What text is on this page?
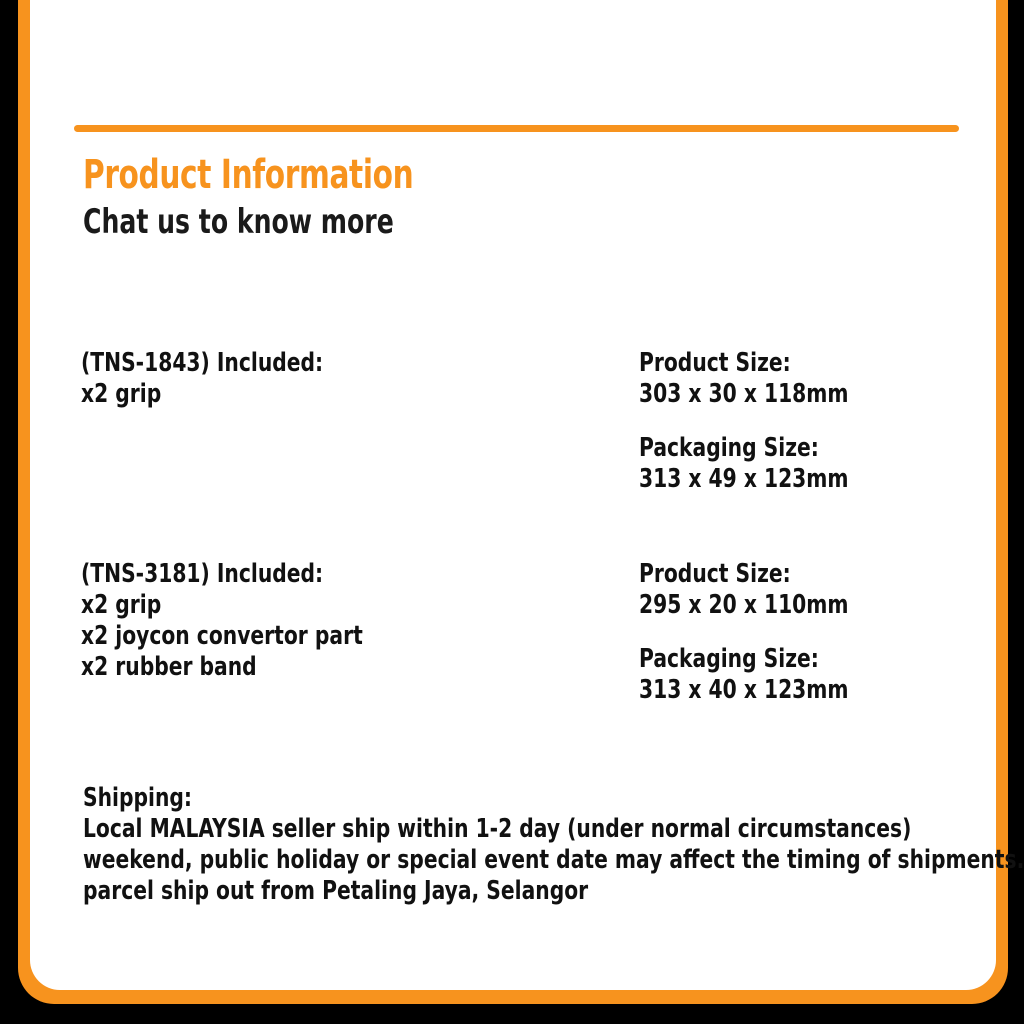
Product Information
Chat us to know more
(TNS-1843) Included:
x2 grip
Product Size:
303 x 30 x 118mm
Packaging Size:
313 x 49 x 123mm
(TNS-3181) Included:
x2 grip
x2 joycon convertor part
x2 rubber band
Product Size:
295 x 20 x 110mm
Packaging Size:
313 x 40 x 123mm
Shipping:
Local MALAYSIA seller ship within 1-2 day (under normal circumstances)
weekend, public holiday or special event date may affect the timing of shipments.
parcel ship out from Petaling Jaya, Selangor
